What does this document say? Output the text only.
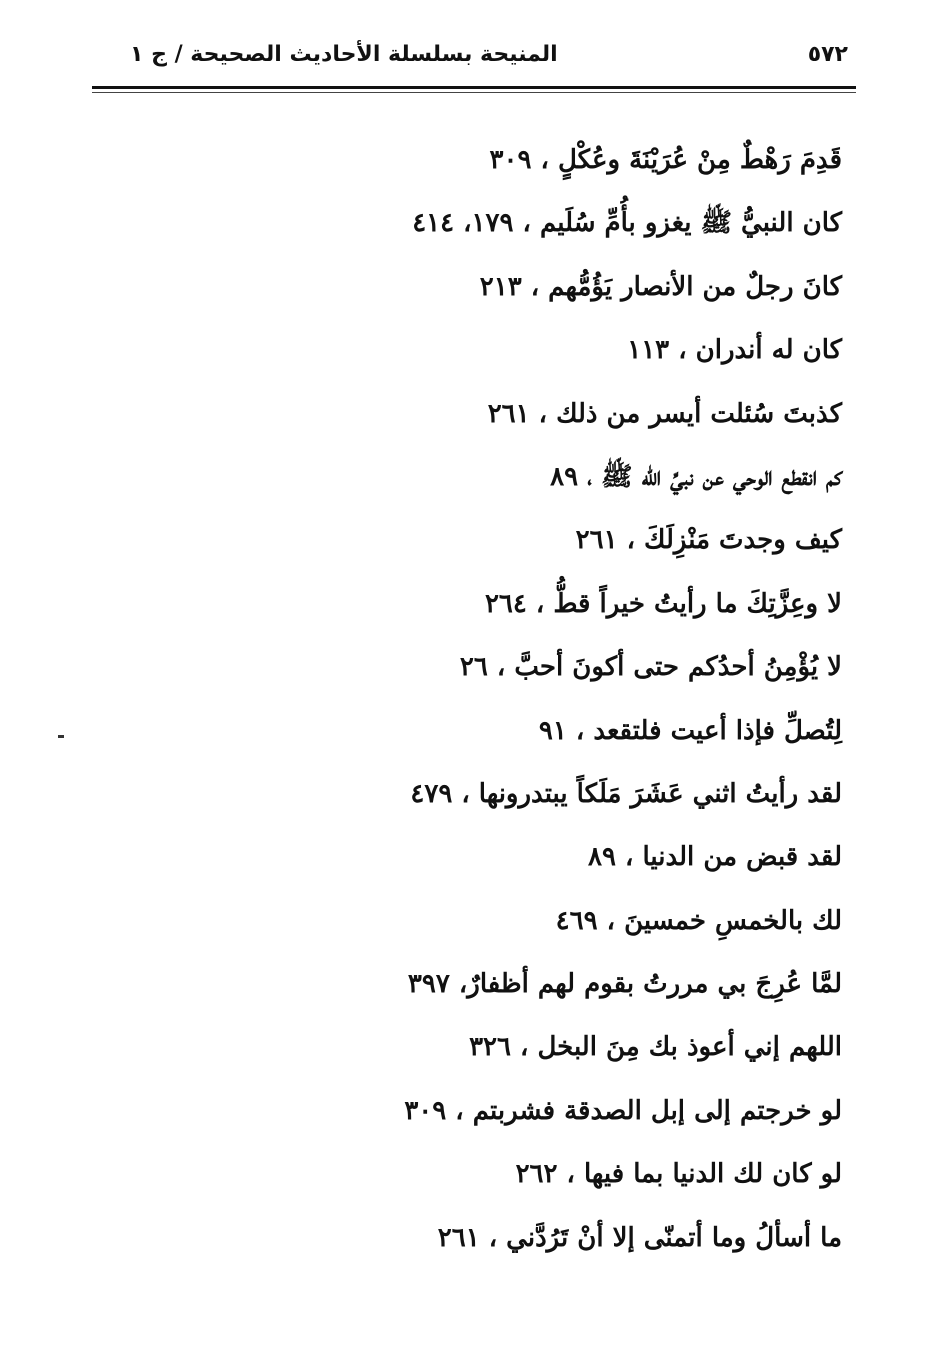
المنيحة بسلسلة الأحاديث الصحيحة / ج ١	٥٧٢
قَدِمَ رَهْطٌ مِنْ عُرَيْنَةَ وعُكْلٍ ، ٣٠٩
كان النبيُّ ﷺ يغزو بأُمِّ سُلَيم ، ١٧٩، ٤١٤
كانَ رجلٌ من الأنصار يَؤُمُّهم ، ٢١٣
كان له أندران ، ١١٣
كذبتَ سُئلت أيسر من ذلك ، ٢٦١
كم انقطع الوحي عن نبيِّ الله ﷺ ، ٨٩
كيف وجدتَ مَنْزِلَكَ ، ٢٦١
لا وعِزَّتِكَ ما رأيتُ خيراً قطُّ ، ٢٦٤
لا يُؤْمِنُ أحدُكم حتى أكونَ أحبَّ ، ٢٦
لِتُصلِّ فإذا أعيت فلتقعد ، ٩١
لقد رأيتُ اثني عَشَرَ مَلَكاً يبتدرونها ، ٤٧٩
لقد قبض من الدنيا ، ٨٩
لك بالخمسِ خمسينَ ، ٤٦٩
لمَّا عُرِجَ بي مررتُ بقوم لهم أظفارٌ، ٣٩٧
اللهم إني أعوذ بك مِنَ البخل ، ٣٢٦
لو خرجتم إلى إبل الصدقة فشربتم ، ٣٠٩
لو كان لك الدنيا بما فيها ، ٢٦٢
ما أسألُ وما أتمنّى إلا أنْ تَرُدَّني ، ٢٦١
